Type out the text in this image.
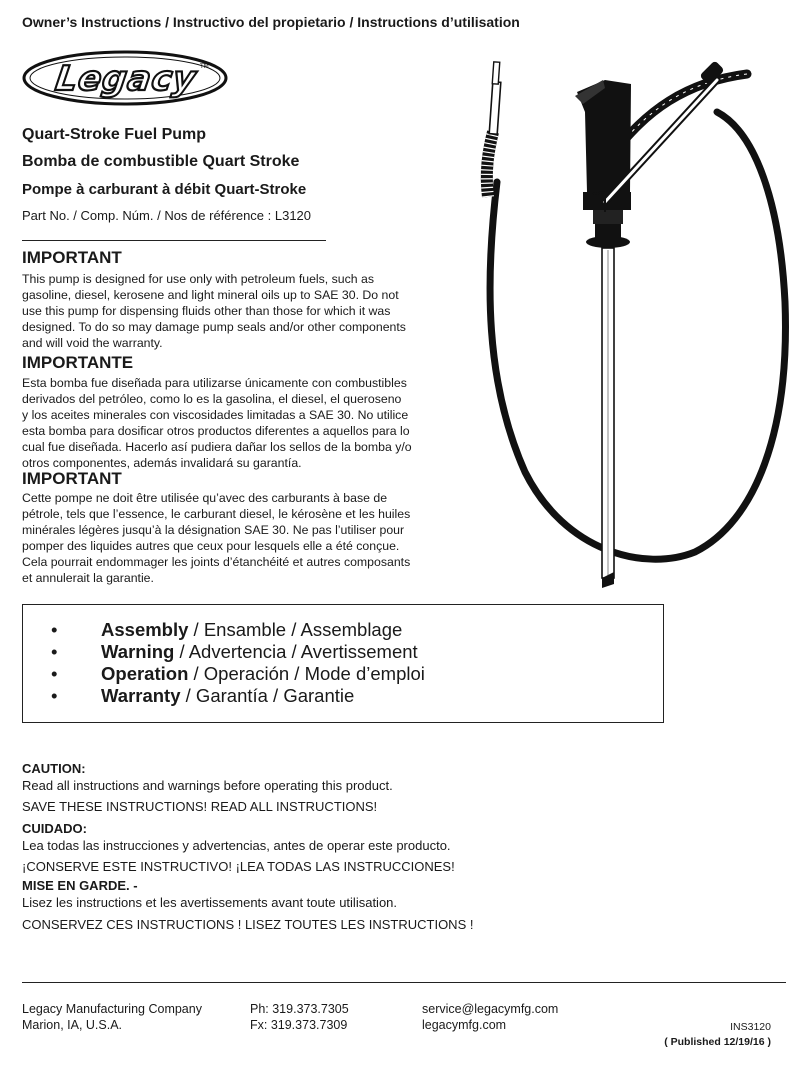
Owner’s Instructions / Instructivo del propietario / Instructions d’utilisation
Legacy TM
Quart-Stroke Fuel Pump
Bomba de combustible Quart Stroke
Pompe à carburant à débit Quart-Stroke
Part No. / Comp. Núm. / Nos de référence : L3120
IMPORTANT
This pump is designed for use only with petroleum fuels, such as
gasoline, diesel, kerosene and light mineral oils up to SAE 30. Do not
use this pump for dispensing fluids other than those for which it was
designed. To do so may damage pump seals and/or other components
and will void the warranty.
IMPORTANTE
Esta bomba fue diseñada para utilizarse únicamente con combustibles
derivados del petróleo, como lo es la gasolina, el diesel, el queroseno
y los aceites minerales con viscosidades limitadas a SAE 30. No utilice
esta bomba para dosificar otros productos diferentes a aquellos para lo
cual fue diseñada. Hacerlo así pudiera dañar los sellos de la bomba y/o
otros componentes, además invalidará su garantía.
IMPORTANT
Cette pompe ne doit être utilisée qu’avec des carburants à base de
pétrole, tels que l’essence, le carburant diesel, le kérosène et les huiles
minérales légères jusqu’à la désignation SAE 30. Ne pas l’utiliser pour
pomper des liquides autres que ceux pour lesquels elle a été conçue.
Cela pourrait endommager les joints d’étanchéité et autres composants
et annulerait la garantie.
•	Assembly / Ensamble / Assemblage
•	Warning / Advertencia / Avertissement
•	Operation / Operación / Mode d’emploi
•	Warranty / Garantía / Garantie
CAUTION:
Read all instructions and warnings before operating this product.
SAVE THESE INSTRUCTIONS! READ ALL INSTRUCTIONS!
CUIDADO:
Lea todas las instrucciones y advertencias, antes de operar este producto.
¡CONSERVE ESTE INSTRUCTIVO! ¡LEA TODAS LAS INSTRUCCIONES!
MISE EN GARDE. -
Lisez les instructions et les avertissements avant toute utilisation.
CONSERVEZ CES INSTRUCTIONS ! LISEZ TOUTES LES INSTRUCTIONS !
Legacy Manufacturing Company
Marion, IA, U.S.A.
Ph: 319.373.7305
Fx: 319.373.7309
service@legacymfg.com
legacymfg.com	INS3120
( Published 12/19/16 )
